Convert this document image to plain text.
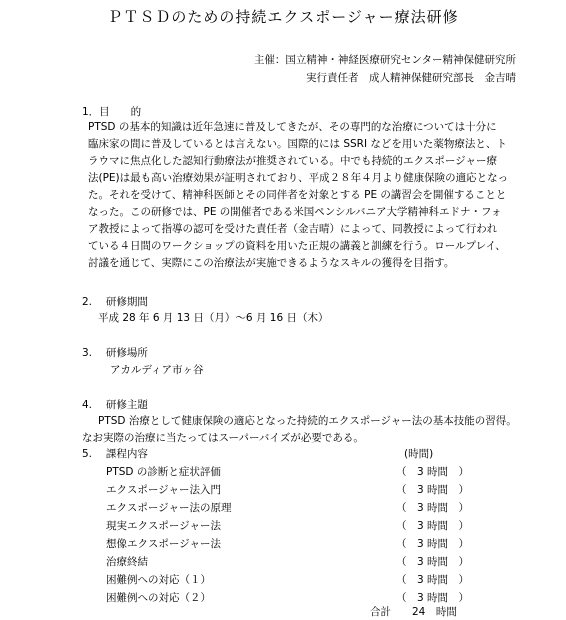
ＰＴＳＤのための持続エクスポージャー療法研修
主催：国立精神・神経医療研究センター精神保健研究所
実行責任者　成人精神保健研究部長　金吉晴
1．目　　的
PTSD の基本的知識は近年急速に普及してきたが、その専門的な治療については十分に
臨床家の間に普及しているとは言えない。国際的には SSRI などを用いた薬物療法と、ト
ラウマに焦点化した認知行動療法が推奨されている。中でも持続的エクスポージャー療
法(PE)は最も高い治療効果が証明されており、平成２８年４月より健康保険の適応となっ
た。それを受けて、精神科医師とその同伴者を対象とする PE の講習会を開催することと
なった。この研修では、PE の開催者である米国ペンシルバニア大学精神科エドナ・フォ
ア教授によって指導の認可を受けた責任者（金吉晴）によって、同教授によって行われ
ている４日間のワークショップの資料を用いた正規の講義と訓練を行う。ロールプレイ、
討議を通じて、実際にこの治療法が実施できるようなスキルの獲得を目指す。
2.　 研修期間
平成 28 年 6 月 13 日（月）～6 月 16 日（木）
3.　 研修場所
アカルディア市ヶ谷
4.　 研修主題
PTSD 治療として健康保険の適応となった持続的エクスポージャー法の基本技能の習得。
なお実際の治療に当たってはスーパーバイズが必要である。
5.　 課程内容	(時間)
PTSD の診断と症状評価	（　3 時間　）
エクスポージャー法入門	（　3 時間　）
エクスポージャー法の原理	（　3 時間　）
現実エクスポージャー法	（　3 時間　）
想像エクスポージャー法	（　3 時間　）
治療終結	（　3 時間　）
困難例への対応（１）	（　3 時間　）
困難例への対応（２）	（　3 時間　）
合計　　24　時間
